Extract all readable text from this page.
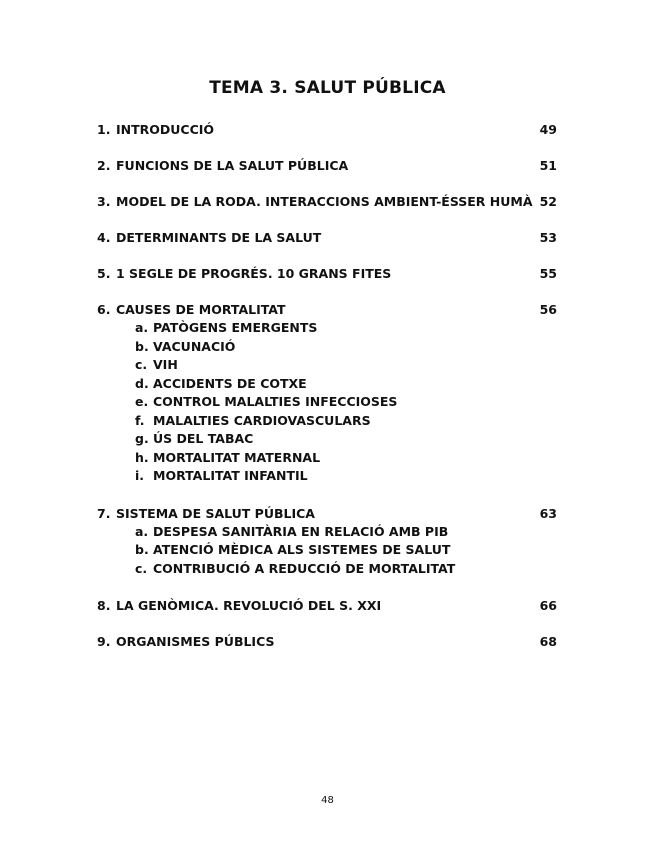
TEMA 3. SALUT PÚBLICA
1. INTRODUCCIÓ	49
2. FUNCIONS DE LA SALUT PÚBLICA	51
3. MODEL DE LA RODA. INTERACCIONS AMBIENT-ÉSSER HUMÀ 52
4. DETERMINANTS DE LA SALUT	53
5. 1 SEGLE DE PROGRÉS. 10 GRANS FITES	55
6. CAUSES DE MORTALITAT	56
a. PATÒGENS EMERGENTS
b. VACUNACIÓ
c. VIH
d. ACCIDENTS DE COTXE
e. CONTROL MALALTIES INFECCIOSES
f. MALALTIES CARDIOVASCULARS
g. ÚS DEL TABAC
h. MORTALITAT MATERNAL
i. MORTALITAT INFANTIL
7. SISTEMA DE SALUT PÚBLICA	63
a. DESPESA SANITÀRIA EN RELACIÓ AMB PIB
b. ATENCIÓ MÈDICA ALS SISTEMES DE SALUT
c. CONTRIBUCIÓ A REDUCCIÓ DE MORTALITAT
8. LA GENÒMICA. REVOLUCIÓ DEL S. XXI	66
9. ORGANISMES PÚBLICS	68
48
